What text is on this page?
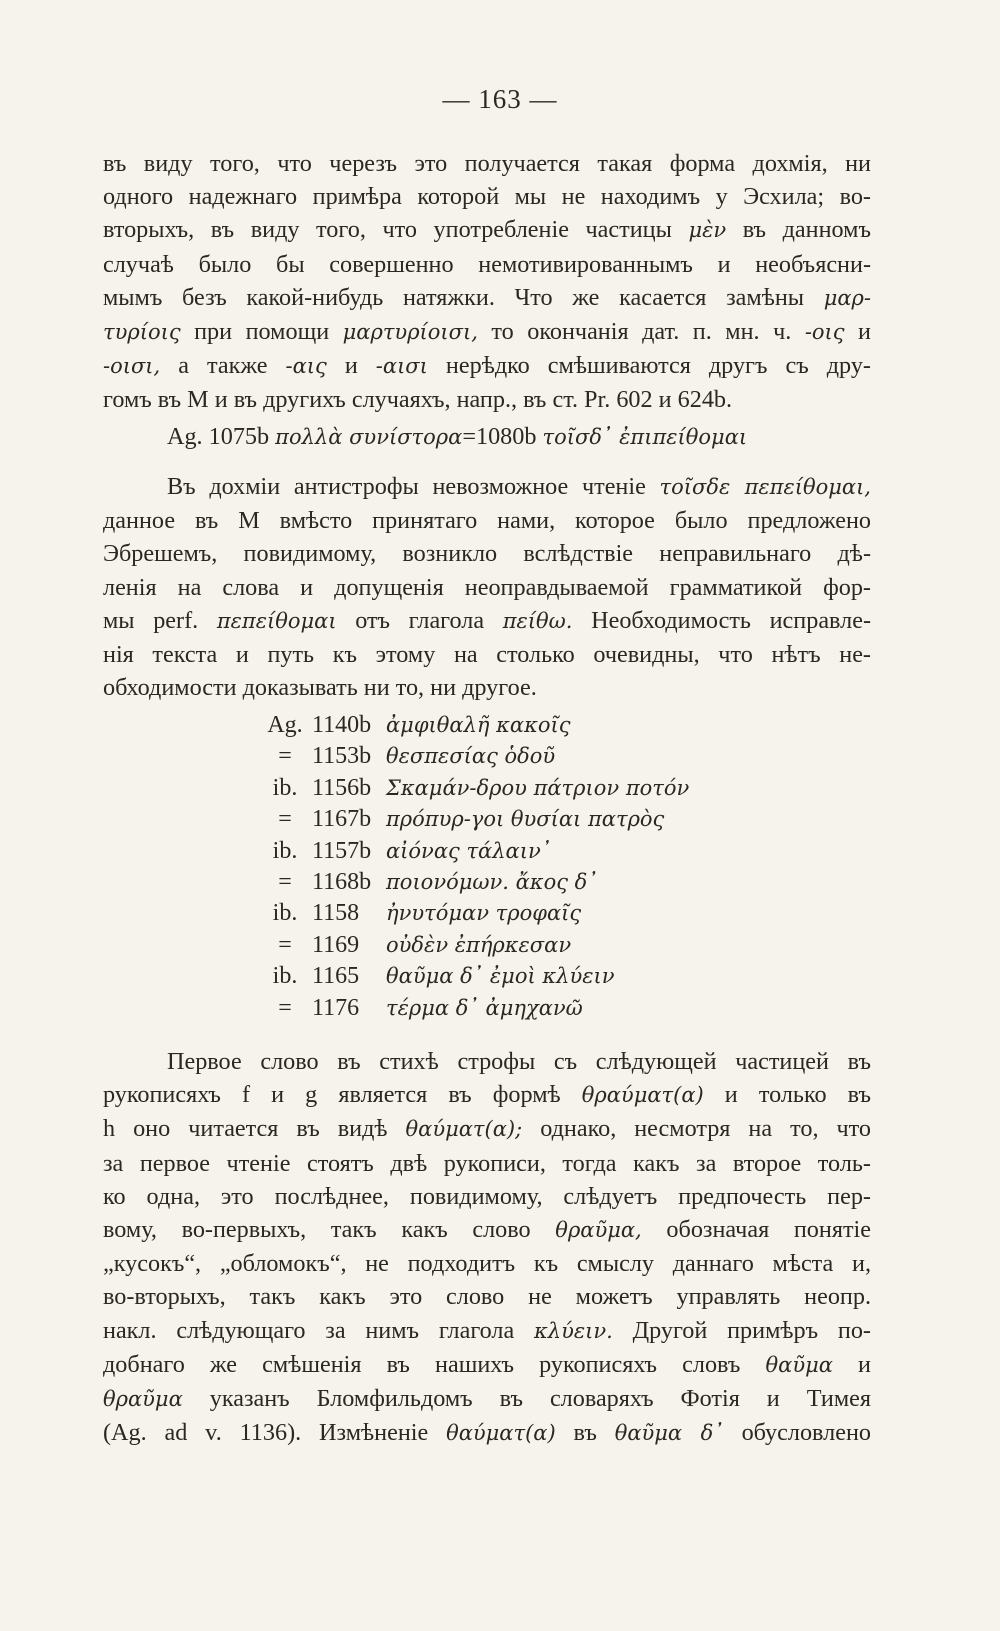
— 163 —
въ виду того, что черезъ это получается такая форма дохмія, ни
одного надежнаго примѣра которой мы не находимъ у Эсхила; во-
вторыхъ, въ виду того, что употребленіе частицы μὲν въ данномъ
случаѣ было бы совершенно немотивированнымъ и необъясни-
мымъ безъ какой-нибудь натяжки. Что же касается замѣны μαρ-
τυρίοις при помощи μαρτυρίοισι, то окончанія дат. п. мн. ч. -οις и
-οισι, а также -αις и -αισι нерѣдко смѣшиваются другъ съ дру-
гомъ въ М и въ другихъ случаяхъ, напр., въ ст. Pr. 602 и 624b.
Ag. 1075b πολλὰ συνίστορα=1080b τοῖσδ᾽ ἐπιπείθομαι
Въ дохміи антистрофы невозможное чтеніе τοῖσδε πεπείθομαι,
данное въ М вмѣсто принятаго нами, которое было предложено
Эбрешемъ, повидимому, возникло вслѣдствіе неправильнаго дѣ-
ленія на слова и допущенія неоправдываемой грамматикой фор-
мы perf. πεπείθομαι отъ глагола πείθω. Необходимость исправле-
нія текста и путь къ этому на столько очевидны, что нѣтъ не-
обходимости доказывать ни то, ни другое.
Ag.	1140b	ἀμφιθαλῆ κακοῖς
=	1153b	θεσπεσίας ὁδοῦ
ib.	1156b	Σκαμάν-δρου πάτριον ποτόν
=	1167b	πρόπυρ-γοι θυσίαι πατρὸς
ib.	1157b	αἰόνας τάλαιν᾽
=	1168b	ποιονόμων. ἄκος δ᾽
ib.	1158	ἠνυτόμαν τροφαῖς
=	1169	οὐδὲν ἐπήρκεσαν
ib.	1165	θαῦμα δ᾽ ἐμοὶ κλύειν
=	1176	τέρμα δ᾽ ἀμηχανῶ
Первое слово въ стихѣ строфы съ слѣдующей частицей въ
рукописяхъ f и g является въ формѣ θραύματ(α) и только въ
h оно читается въ видѣ θαύματ(α); однако, несмотря на то, что
за первое чтеніе стоятъ двѣ рукописи, тогда какъ за второе толь-
ко одна, это послѣднее, повидимому, слѣдуетъ предпочесть пер-
вому, во-первыхъ, такъ какъ слово θραῦμα, обозначая понятіе
„кусокъ“, „обломокъ“, не подходитъ къ смыслу даннаго мѣста и,
во-вторыхъ, такъ какъ это слово не можетъ управлять неопр.
накл. слѣдующаго за нимъ глагола κλύειν. Другой примѣръ по-
добнаго же смѣшенія въ нашихъ рукописяхъ словъ θαῦμα и
θραῦμα указанъ Бломфильдомъ въ словаряхъ Фотія и Тимея
(Ag. ad v. 1136). Измѣненіе θαύματ(α) въ θαῦμα δ᾽ обусловлено
